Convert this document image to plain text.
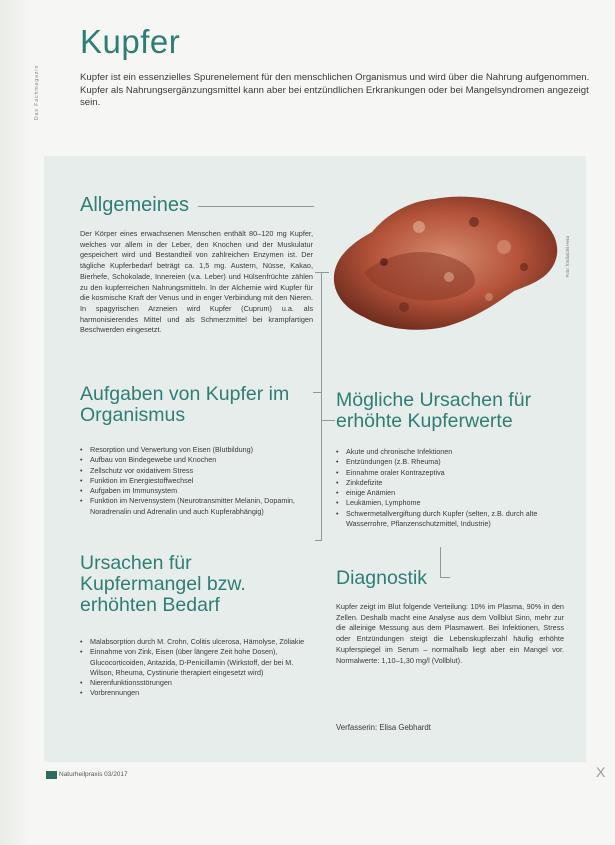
Das Fachmagazin
Kupfer
Kupfer ist ein essenzielles Spurenelement für den menschlichen Organismus und wird über die Nahrung aufgenommen. Kupfer als Nahrungsergänzungsmittel kann aber bei entzündlichen Erkrankungen oder bei Mangelsyndromen angezeigt sein.
Allgemeines
Der Körper eines erwachsenen Menschen enthält 80–120 mg Kupfer, welches vor allem in der Leber, den Knochen und der Muskulatur gespeichert wird und Bestandteil von zahlreichen Enzymen ist. Der tägliche Kupferbedarf beträgt ca. 1,5 mg. Austern, Nüsse, Kakao, Bierhefe, Schokolade, Innereien (v.a. Leber) und Hülsenfrüchte zählen zu den kupferreichen Nahrungsmitteln. In der Alchemie wird Kupfer für die kosmische Kraft der Venus und in enger Verbindung mit den Nieren. In spagyrischen Arzneien wird Kupfer (Cuprum) u.a. als harmonisierendes Mittel und als Schmerzmittel bei krampfartigen Beschwerden eingesetzt.
Foto: fotolia/Jiri Hera
Aufgaben von Kupfer im Organismus
• Resorption und Verwertung von Eisen (Blutbildung)
• Aufbau von Bindegewebe und Knochen
• Zellschutz vor oxidativem Stress
• Funktion im Energiestoffwechsel
• Aufgaben im Immunsystem
• Funktion im Nervensystem (Neurotransmitter Melanin, Dopamin, Noradrenalin und Adrenalin und auch Kupferabhängig)
Ursachen für Kupfermangel bzw. erhöhten Bedarf
• Malabsorption durch M. Crohn, Colitis ulcerosa, Hämolyse, Zöliakie
• Einnahme von Zink, Eisen (über längere Zeit hohe Dosen), Glucocorticoiden, Antazida, D-Penicillamin (Wirkstoff, der bei M. Wilson, Rheuma, Cystinurie therapiert eingesetzt wird)
• Nierenfunktionsstörungen
• Vorbrennungen
Mögliche Ursachen für erhöhte Kupferwerte
• Akute und chronische Infektionen
• Entzündungen (z.B. Rheuma)
• Einnahme oraler Kontrazeptiva
• Zinkdefizite
• einige Anämien
• Leukämien, Lymphome
• Schwermetallvergiftung durch Kupfer (selten, z.B. durch alte Wasserrohre, Pflanzenschutzmittel, Industrie)
Diagnostik
Kupfer zeigt im Blut folgende Verteilung: 10% im Plasma, 90% in den Zellen. Deshalb macht eine Analyse aus dem Vollblut Sinn, mehr zur die alleinige Messung aus dem Plasmawert. Bei Infektionen, Stress oder Entzündungen steigt die Lebenskupferzahl häufig erhöhte Kupferspiegel im Serum – normalhalb liegt aber ein Mangel vor. Normalwerte: 1,10–1,30 mg/l (Vollblut).
Verfasserin: Elisa Gebhardt
Naturheilpraxis 03/2017	X
